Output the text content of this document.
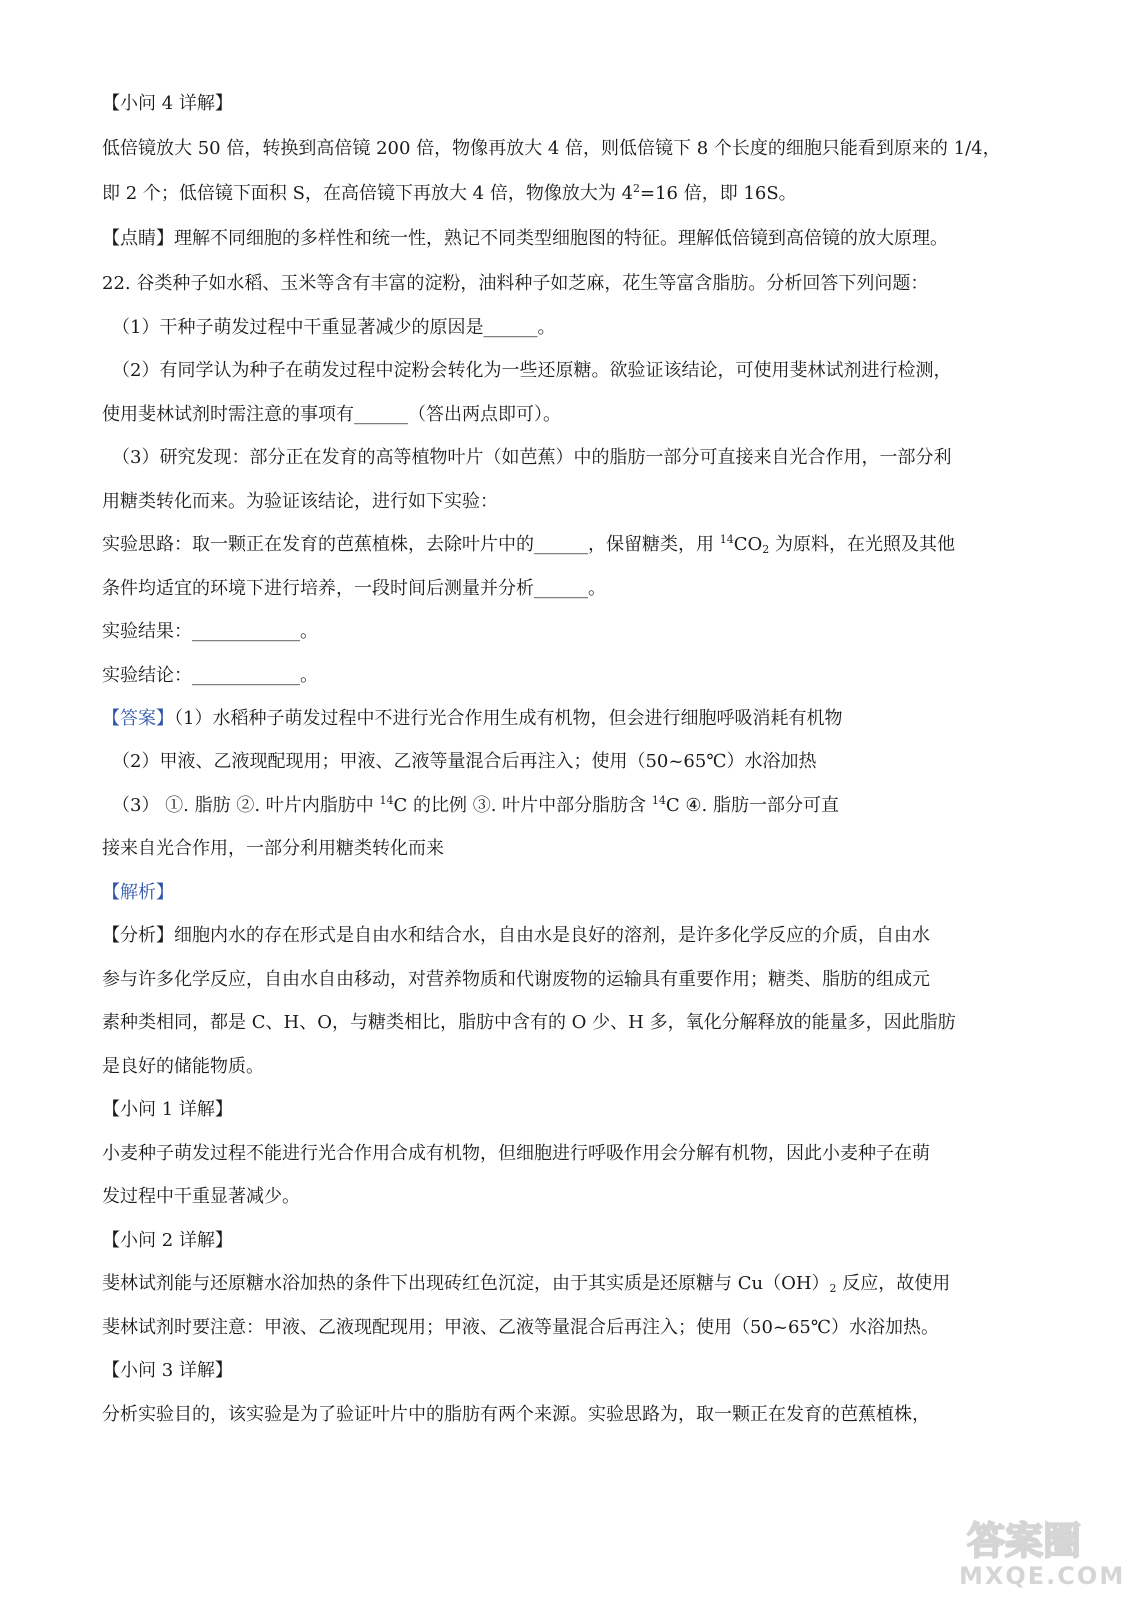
【小问 4 详解】
低倍镜放大 50 倍，转换到高倍镜 200 倍，物像再放大 4 倍，则低倍镜下 8 个长度的细胞只能看到原来的 1/4，
即 2 个；低倍镜下面积 S，在高倍镜下再放大 4 倍，物像放大为 $4^2=16$ 倍，即 16S。
【点睛】理解不同细胞的多样性和统一性，熟记不同类型细胞图的特征。理解低倍镜到高倍镜的放大原理。
22. 谷类种子如水稻、玉米等含有丰富的淀粉，油料种子如芝麻，花生等富含脂肪。分析回答下列问题：
（1）干种子萌发过程中干重显著减少的原因是______。
（2）有同学认为种子在萌发过程中淀粉会转化为一些还原糖。欲验证该结论，可使用斐林试剂进行检测，
使用斐林试剂时需注意的事项有______（答出两点即可）。
（3）研究发现：部分正在发育的高等植物叶片（如芭蕉）中的脂肪一部分可直接来自光合作用，一部分利
用糖类转化而来。为验证该结论，进行如下实验：
实验思路：取一颗正在发育的芭蕉植株，去除叶片中的______，保留糖类，用 $^{14}CO_2$ 为原料，在光照及其他
条件均适宜的环境下进行培养，一段时间后测量并分析______。
实验结果：____________。
实验结论：____________。
【答案】（1）水稻种子萌发过程中不进行光合作用生成有机物，但会进行细胞呼吸消耗有机物
（2）甲液、乙液现配现用；甲液、乙液等量混合后再注入；使用（50~65℃）水浴加热
（3） ①. 脂肪 ②. 叶片内脂肪中 $^{14}$C 的比例 ③. 叶片中部分脂肪含 $^{14}$C ④. 脂肪一部分可直
接来自光合作用，一部分利用糖类转化而来
【解析】
【分析】细胞内水的存在形式是自由水和结合水，自由水是良好的溶剂，是许多化学反应的介质，自由水
参与许多化学反应，自由水自由移动，对营养物质和代谢废物的运输具有重要作用；糖类、脂肪的组成元
素种类相同，都是 C、H、O，与糖类相比，脂肪中含有的 O 少、H 多，氧化分解释放的能量多，因此脂肪
是良好的储能物质。
【小问 1 详解】
小麦种子萌发过程不能进行光合作用合成有机物，但细胞进行呼吸作用会分解有机物，因此小麦种子在萌
发过程中干重显著减少。
【小问 2 详解】
斐林试剂能与还原糖水浴加热的条件下出现砖红色沉淀，由于其实质是还原糖与 $Cu(OH)_2$ 反应，故使用
斐林试剂时要注意：甲液、乙液现配现用；甲液、乙液等量混合后再注入；使用（50~65℃）水浴加热。
【小问 3 详解】
分析实验目的，该实验是为了验证叶片中的脂肪有两个来源。实验思路为，取一颗正在发育的芭蕉植株，
答案圈
MXQE.COM
